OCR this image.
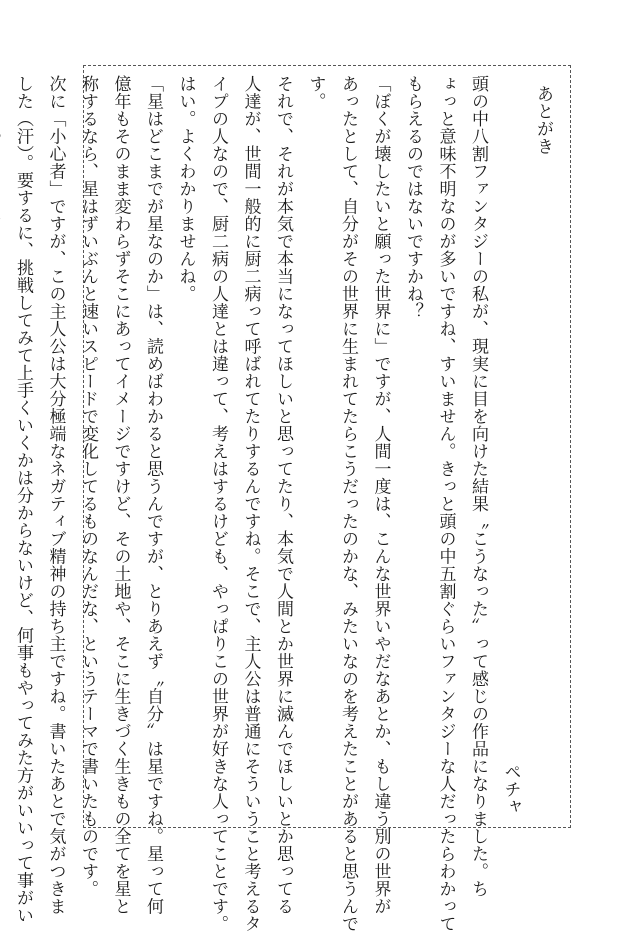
あとがき
ペチャ
頭の中八割ファンタジーの私が、現実に目を向けた結果〝こうなった〟って感じの作品になりました。ち
ょっと意味不明なのが多いですね、すいません。きっと頭の中五割ぐらいファンタジーな人だったらわかって
もらえるのではないですかね？
「ぼくが壊したいと願った世界に」ですが、人間一度は、こんな世界いやだなあとか、もし違う別の世界が
あったとして、自分がその世界に生まれてたらこうだったのかな、みたいなのを考えたことがあると思うんで
す。
それで、それが本気で本当になってほしいと思ってたり、本気で人間とか世界に滅んでほしいとか思ってる
人達が、世間一般的に厨二病って呼ばれてたりするんですね。そこで、主人公は普通にそういうこと考えるタ
イプの人なので、厨二病の人達とは違って、考えはするけども、やっぱりこの世界が好きな人ってことです。
はい。よくわかりませんね。
「星はどこまでが星なのか」は、読めばわかると思うんですが、とりあえず〝自分〟は星ですね。星って何
億年もそのまま変わらずそこにあってイメージですけど、その土地や、そこに生きづく生きもの全てを星と
称するなら、星はずいぶんと速いスピードで変化してるものなんだな、というテーマで書いたものです。
次に「小心者」ですが、この主人公は大分極端なネガティブ精神の持ち主ですね。書いたあとで気がつきま
した（汗）。要するに、挑戦してみて上手くいくかは分からないけど、何事もやってみた方がいいって事がい
